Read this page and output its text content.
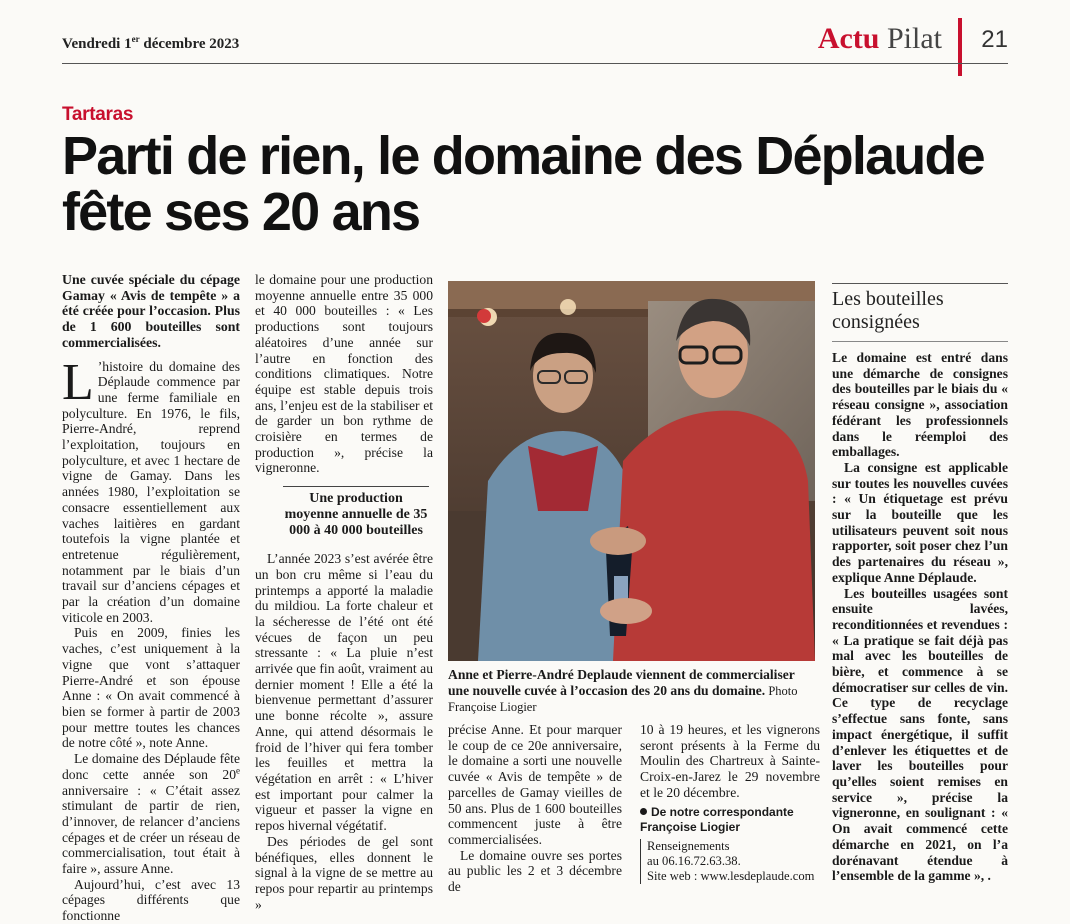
Vendredi 1er décembre 2023	Actu Pilat 21
Tartaras
Parti de rien, le domaine des Déplaude fête ses 20 ans

Une cuvée spéciale du cépage Gamay « Avis de tempête » a été créée pour l’occasion. Plus de 1 600 bouteilles sont commercialisées.

L ’histoire du domaine des Déplaude commence par une ferme familiale en polyculture. En 1976, le fils, Pierre-André, reprend l’exploitation, toujours en polyculture, et avec 1 hectare de vigne de Gamay. Dans les années 1980, l’exploitation se consacre essentiellement aux vaches laitières en gardant toutefois la vigne plantée et entretenue régulièrement, notamment par le biais d’un travail sur d’anciens cépages et par la création d’un domaine viticole en 2003.

Puis en 2009, finies les vaches, c’est uniquement à la vigne que vont s’attaquer Pierre-André et son épouse Anne : « On avait commencé à bien se former à partir de 2003 pour mettre toutes les chances de notre côté », note Anne.

Le domaine des Déplaude fête donc cette année son 20e anniversaire : « C’était assez stimulant de partir de rien, d’innover, de relancer d’anciens cépages et de créer un réseau de commercialisation, tout était à faire », assure Anne.

Aujourd’hui, c’est avec 13 cépages différents que fonctionne

le domaine pour une production moyenne annuelle entre 35 000 et 40 000 bouteilles : « Les productions sont toujours aléatoires d’une année sur l’autre en fonction des conditions climatiques. Notre équipe est stable depuis trois ans, l’enjeu est de la stabiliser et de garder un bon rythme de croisière en termes de production », précise la vigneronne.

Une production moyenne annuelle de 35 000 à 40 000 bouteilles

L’année 2023 s’est avérée être un bon cru même si l’eau du printemps a apporté la maladie du mildiou. La forte chaleur et la sécheresse de l’été ont été vécues de façon un peu stressante : « La pluie n’est arrivée que fin août, vraiment au dernier moment ! Elle a été la bienvenue permettant d’assurer une bonne récolte », assure Anne, qui attend désormais le froid de l’hiver qui fera tomber les feuilles et mettra la végétation en arrêt : « L’hiver est important pour calmer la vigueur et passer la vigne en repos hivernal végétatif.

Des périodes de gel sont bénéfiques, elles donnent le signal à la vigne de se mettre au repos pour repartir au printemps »

Anne et Pierre-André Deplaude viennent de commercialiser une nouvelle cuvée à l’occasion des 20 ans du domaine. Photo Françoise Liogier

précise Anne. Et pour marquer le coup de ce 20e anniversaire, le domaine a sorti une nouvelle cuvée « Avis de tempête » de parcelles de Gamay vieilles de 50 ans. Plus de 1 600 bouteilles commencent juste à être commercialisées.

Le domaine ouvre ses portes au public les 2 et 3 décembre de

10 à 19 heures, et les vignerons seront présents à la Ferme du Moulin des Chartreux à Sainte-Croix-en-Jarez le 29 novembre et le 20 décembre.

De notre correspondante
Françoise Liogier

Renseignements
au 06.16.72.63.38.
Site web : www.lesdeplaude.com

Les bouteilles consignées

Le domaine est entré dans une démarche de consignes des bouteilles par le biais du « réseau consigne », association fédérant les professionnels dans le réemploi des emballages.

La consigne est applicable sur toutes les nouvelles cuvées : « Un étiquetage est prévu sur la bouteille que les utilisateurs peuvent soit nous rapporter, soit poser chez l’un des partenaires du réseau », explique Anne Déplaude.

Les bouteilles usagées sont ensuite lavées, reconditionnées et revendues : « La pratique se fait déjà pas mal avec les bouteilles de bière, et commence à se démocratiser sur celles de vin. Ce type de recyclage s’effectue sans fonte, sans impact énergétique, il suffit d’enlever les étiquettes et de laver les bouteilles pour qu’elles soient remises en service », précise la vigneronne, en soulignant : « On avait commencé cette démarche en 2021, on l’a dorénavant étendue à l’ensemble de la gamme », .
